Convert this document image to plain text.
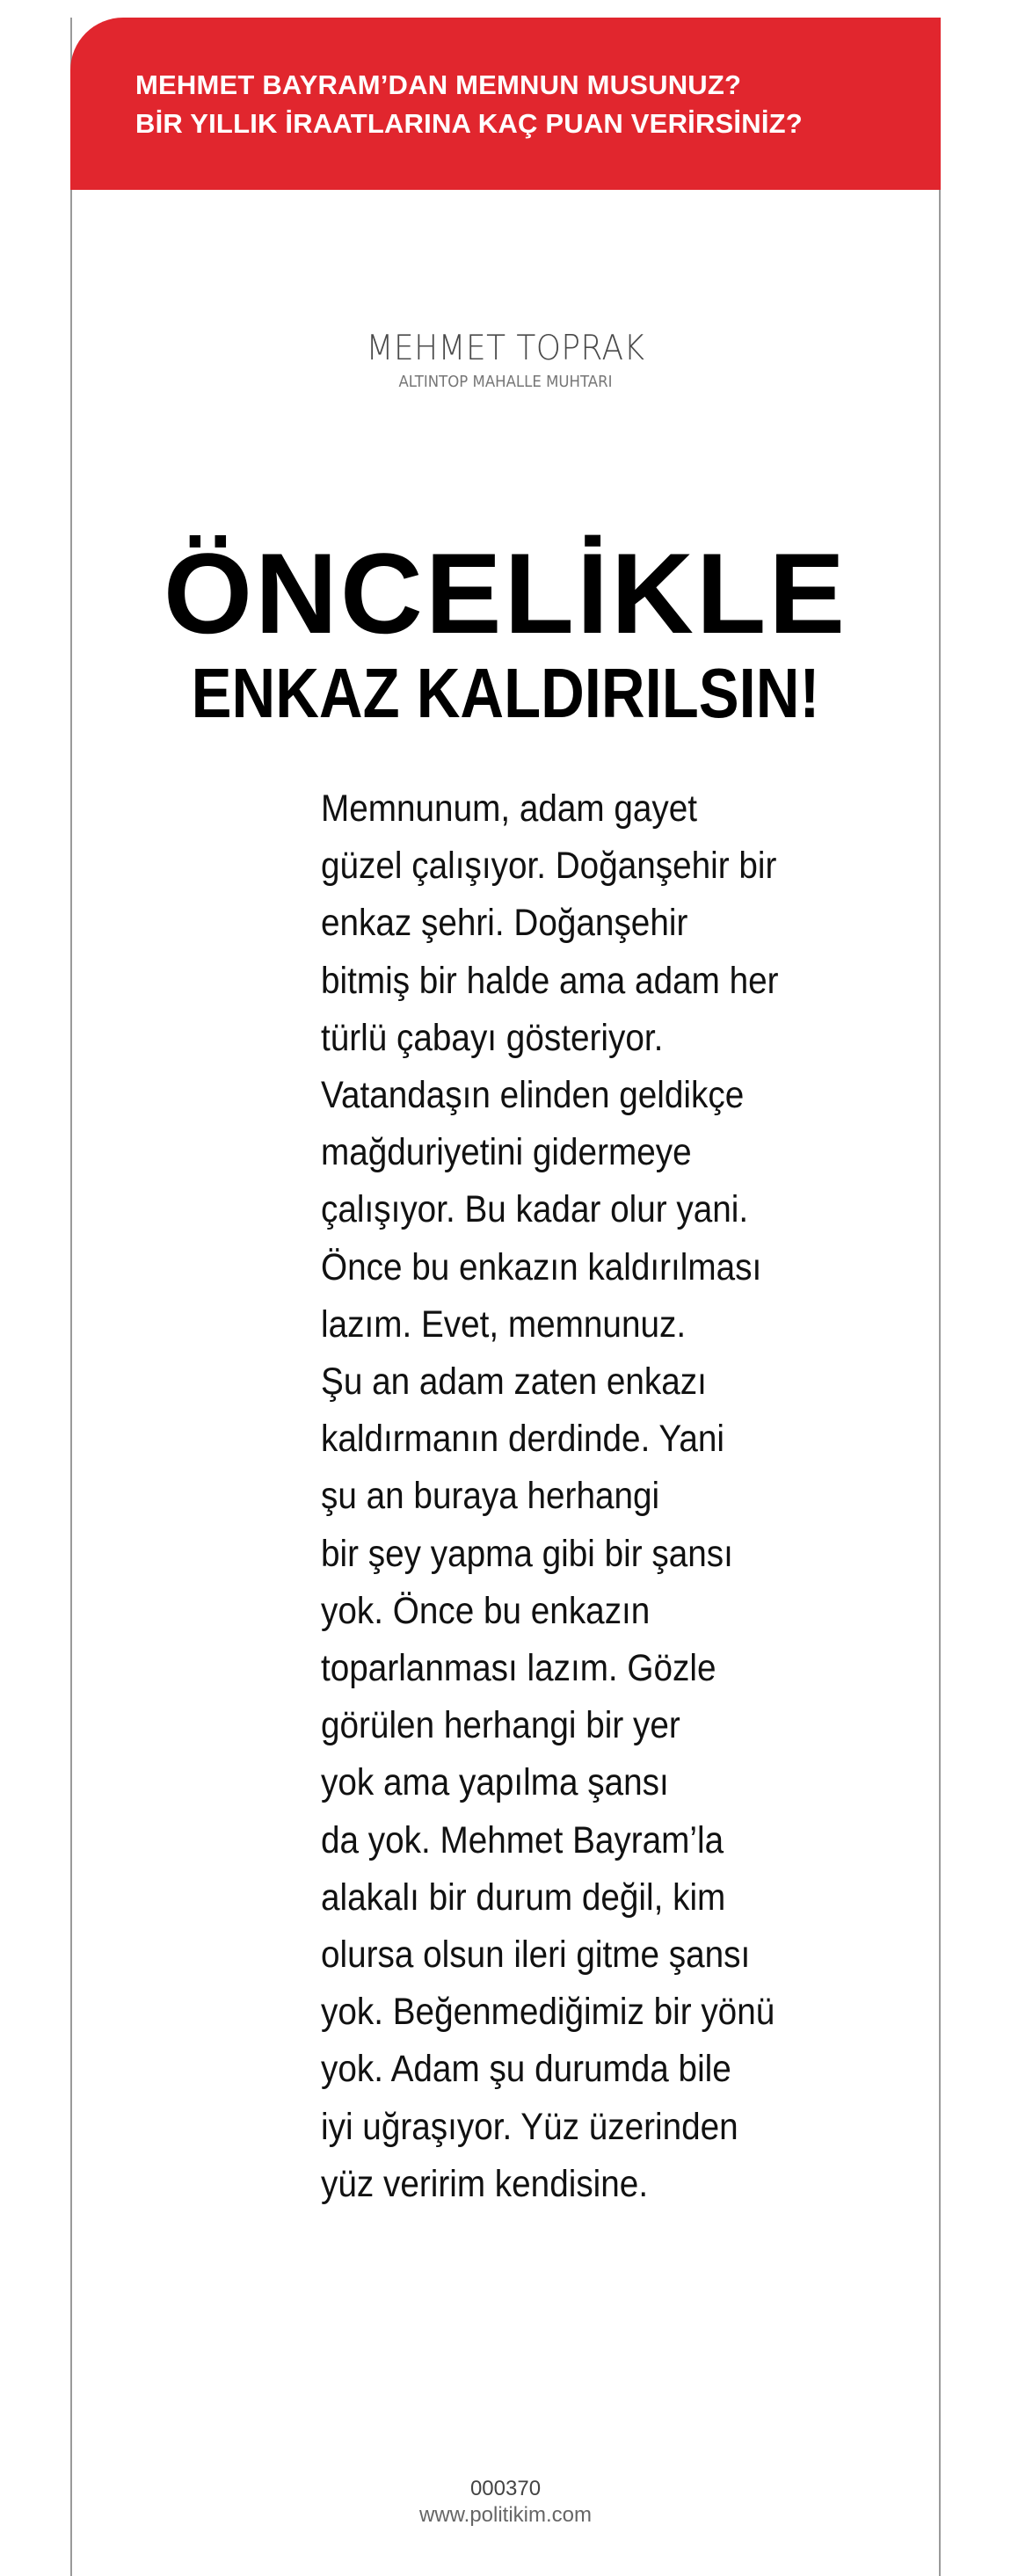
MEHMET BAYRAM’DAN MEMNUN MUSUNUZ?
BİR YILLIK İRAATLARINA KAÇ PUAN VERİRSİNİZ?
MEHMET TOPRAK
ALTINTOP MAHALLE MUHTARI
ÖNCELİKLE
ENKAZ KALDIRILSIN!

Memnunum, adam gayet
güzel çalışıyor. Doğanşehir bir
enkaz şehri. Doğanşehir
bitmiş bir halde ama adam her
türlü çabayı gösteriyor.
Vatandaşın elinden geldikçe
mağduriyetini gidermeye
çalışıyor. Bu kadar olur yani.
Önce bu enkazın kaldırılması
lazım. Evet, memnunuz.
Şu an adam zaten enkazı
kaldırmanın derdinde. Yani
şu an buraya herhangi
bir şey yapma gibi bir şansı
yok. Önce bu enkazın
toparlanması lazım. Gözle
görülen herhangi bir yer
yok ama yapılma şansı
da yok. Mehmet Bayram’la
alakalı bir durum değil, kim
olursa olsun ileri gitme şansı
yok. Beğenmediğimiz bir yönü
yok. Adam şu durumda bile
iyi uğraşıyor. Yüz üzerinden
yüz veririm kendisine.

000370
www.politikim.com
